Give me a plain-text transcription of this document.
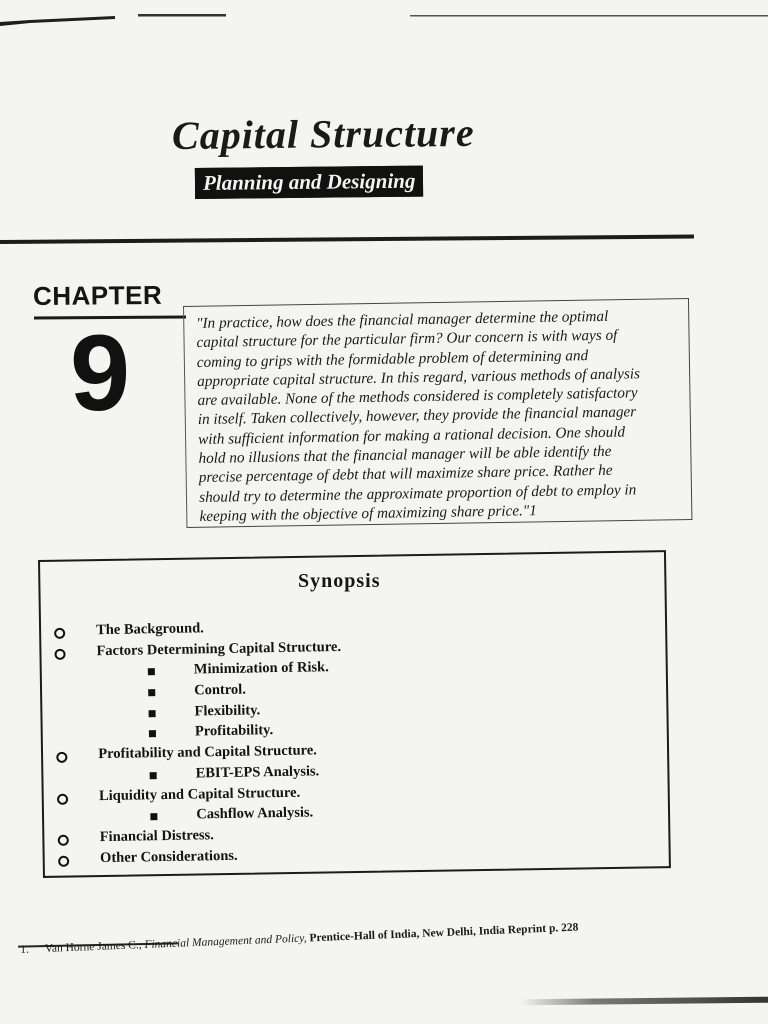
Capital Structure
Planning and Designing
CHAPTER
9	"In practice, how does the financial manager determine the optimal
capital structure for the particular firm? Our concern is with ways of
coming to grips with the formidable problem of determining and
appropriate capital structure. In this regard, various methods of analysis
are available. None of the methods considered is completely satisfactory
in itself. Taken collectively, however, they provide the financial manager
with sufficient information for making a rational decision. One should
hold no illusions that the financial manager will be able identify the
precise percentage of debt that will maximize share price. Rather he
should try to determine the approximate proportion of debt to employ in
keeping with the objective of maximizing share price."1
Synopsis
The Background.
Factors Determining Capital Structure.
Minimization of Risk.
Control.
Flexibility.
Profitability.
Profitability and Capital Structure.
EBIT-EPS Analysis.
Liquidity and Capital Structure.
Cashflow Analysis.
Financial Distress.
Other Considerations.
1. Van Horne James C., Financial Management and Policy, Prentice-Hall of India, New Delhi, India Reprint p. 228
